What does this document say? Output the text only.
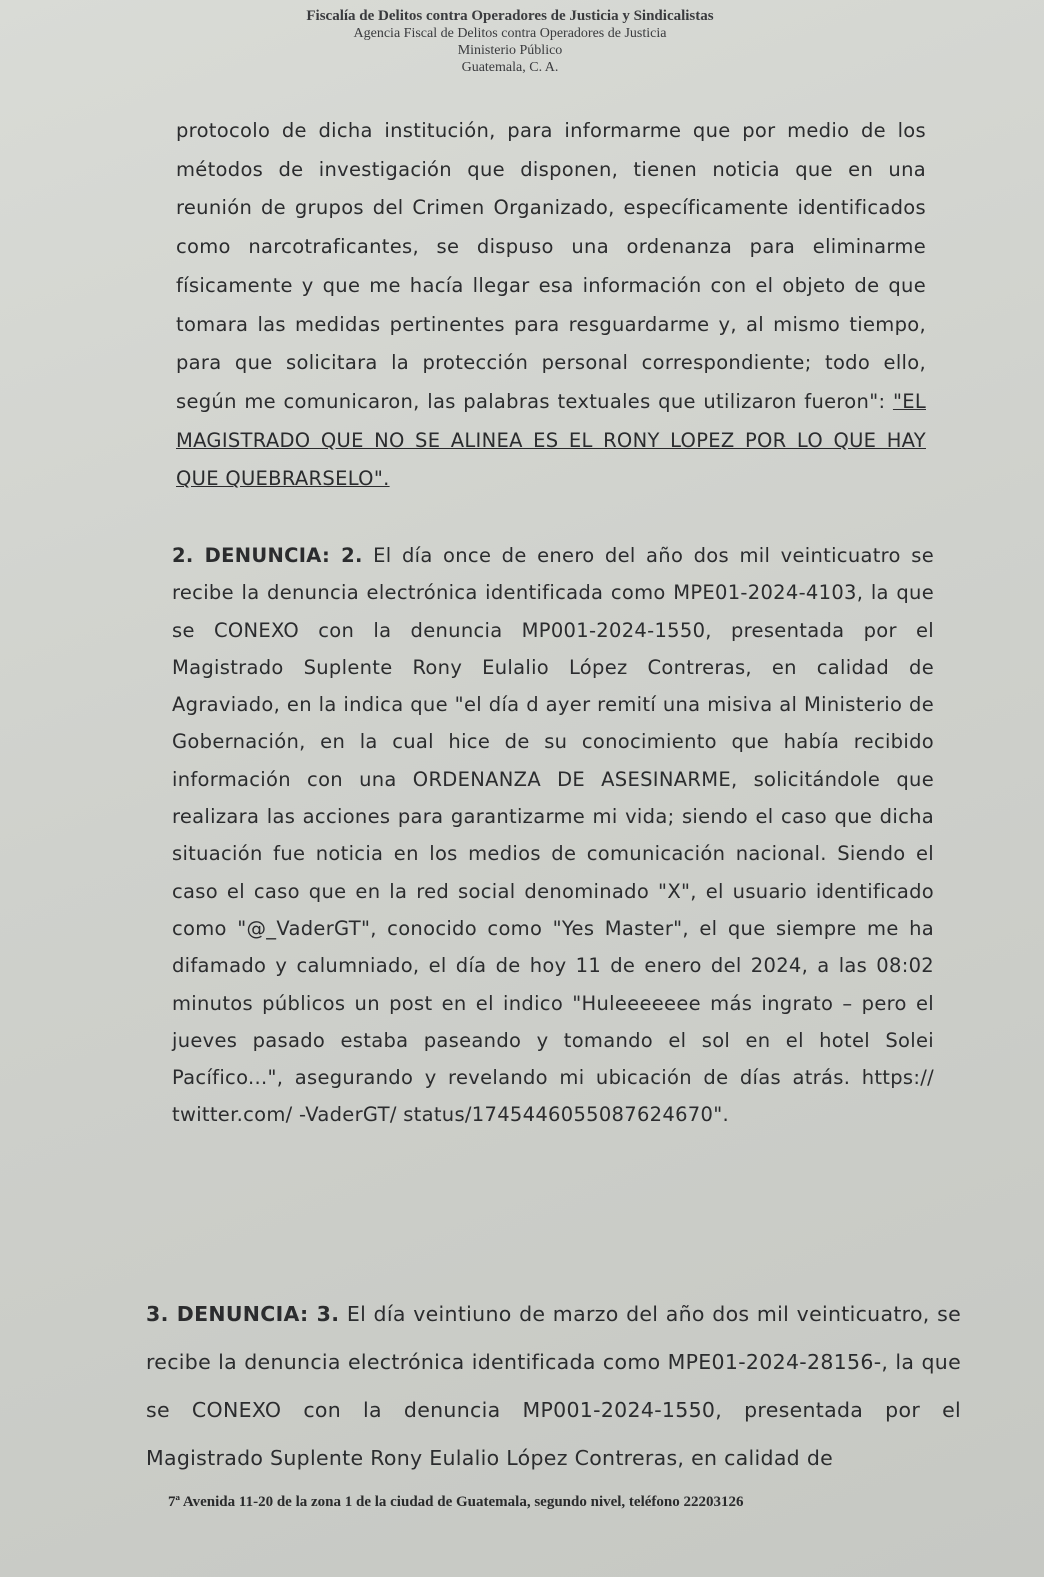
Fiscalía de Delitos contra Operadores de Justicia y Sindicalistas
Agencia Fiscal de Delitos contra Operadores de Justicia
Ministerio Público
Guatemala, C. A.
protocolo de dicha institución, para informarme que por medio de los métodos de investigación que disponen, tienen noticia que en una reunión de grupos del Crimen Organizado, específicamente identificados como narcotraficantes, se dispuso una ordenanza para eliminarme físicamente y que me hacía llegar esa información con el objeto de que tomara las medidas pertinentes para resguardarme y, al mismo tiempo, para que solicitara la protección personal correspondiente; todo ello, según me comunicaron, las palabras textuales que utilizaron fueron": "EL MAGISTRADO QUE NO SE ALINEA ES EL RONY LOPEZ POR LO QUE HAY QUE QUEBRARSELO".
2. DENUNCIA: 2. El día once de enero del año dos mil veinticuatro se recibe la denuncia electrónica identificada como MPE01-2024-4103, la que se CONEXO con la denuncia MP001-2024-1550, presentada por el Magistrado Suplente Rony Eulalio López Contreras, en calidad de Agraviado, en la indica que "el día d ayer remití una misiva al Ministerio de Gobernación, en la cual hice de su conocimiento que había recibido información con una ORDENANZA DE ASESINARME, solicitándole que realizara las acciones para garantizarme mi vida; siendo el caso que dicha situación fue noticia en los medios de comunicación nacional. Siendo el caso el caso que en la red social denominado "X", el usuario identificado como "@_VaderGT", conocido como "Yes Master", el que siempre me ha difamado y calumniado, el día de hoy 11 de enero del 2024, a las 08:02 minutos públicos un post en el indico "Huleeeeeee más ingrato – pero el jueves pasado estaba paseando y tomando el sol en el hotel Solei Pacífico...", asegurando y revelando mi ubicación de días atrás. https:// twitter.com/ -VaderGT/ status/1745446055087624670".
3. DENUNCIA: 3. El día veintiuno de marzo del año dos mil veinticuatro, se recibe la denuncia electrónica identificada como MPE01-2024-28156-, la que se CONEXO con la denuncia MP001-2024-1550, presentada por el Magistrado Suplente Rony Eulalio López Contreras, en calidad de
7ª Avenida 11-20 de la zona 1 de la ciudad de Guatemala, segundo nivel, teléfono 22203126
